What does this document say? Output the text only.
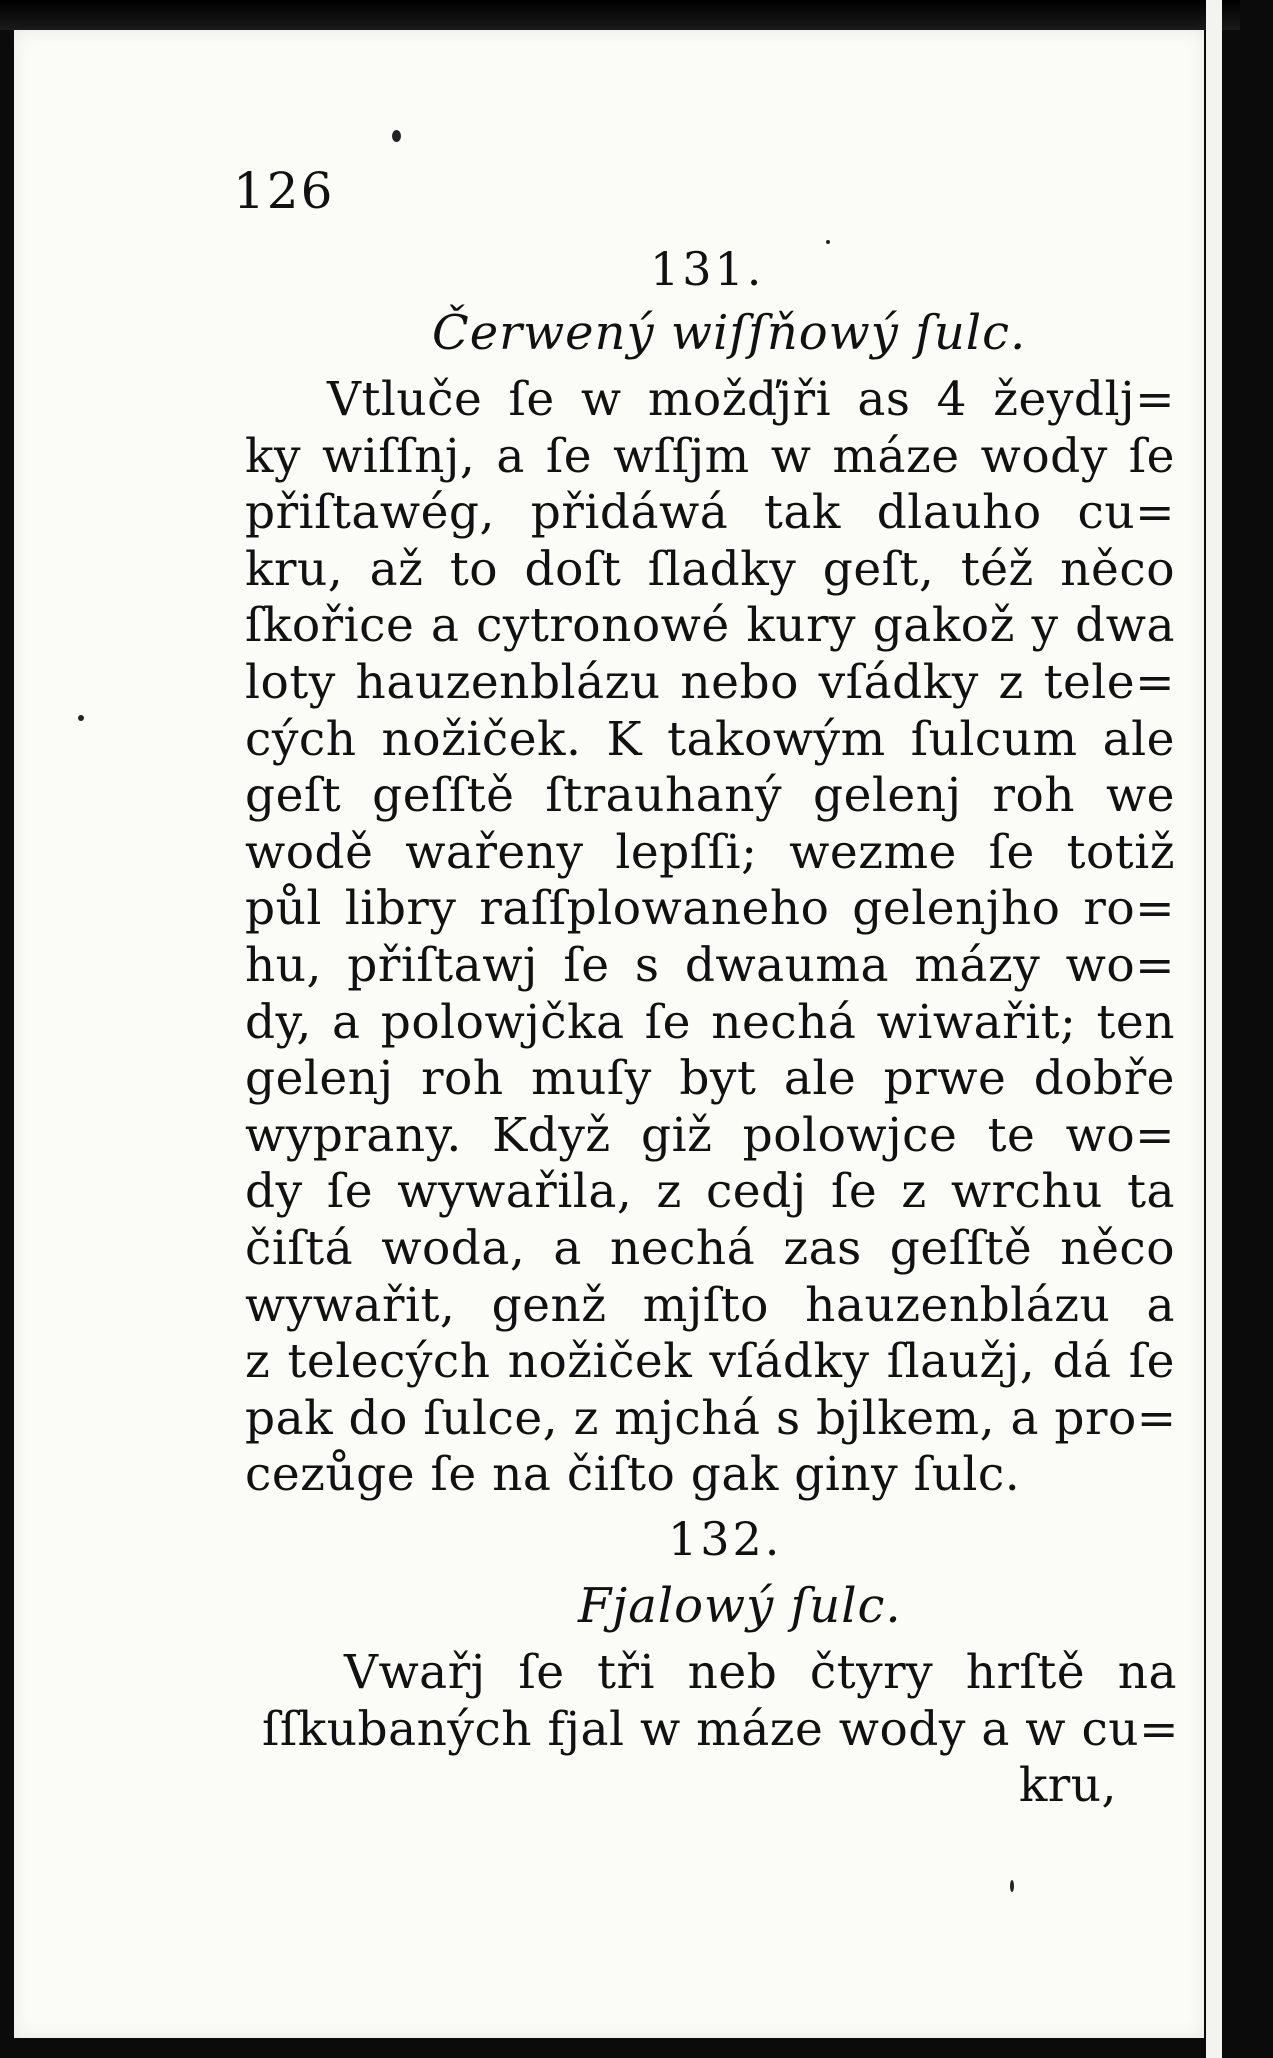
126
131.
Čerwený wiſſňowý ſulc.
Vtluče ſe w možďjři as 4 žeydlj=
ky wiſſnj, a ſe wſſjm w máze wody ſe
přiſtawég, přidáwá tak dlauho cu=
kru, až to doſt ſladky geſt, též něco
ſkořice a cytronowé kury gakož y dwa
loty hauzenblázu nebo vſádky z tele=
cých nožiček. K takowým ſulcum ale
geſt geſſtě ſtrauhaný gelenj roh we
wodě wařeny lepſſi; wezme ſe totiž
půl libry raſſplowaneho gelenjho ro=
hu, přiſtawj ſe s dwauma mázy wo=
dy, a polowjčka ſe nechá wiwařit; ten
gelenj roh muſy byt ale prwe dobře
wyprany. Když giž polowjce te wo=
dy ſe wywařila, z cedj ſe z wrchu ta
čiſtá woda, a nechá zas geſſtě něco
wywařit, genž mjſto hauzenblázu a
z telecých nožiček vſádky ſlaužj, dá ſe
pak do ſulce, z mjchá s bjlkem, a pro=
cezůge ſe na čiſto gak giny ſulc.
132.
Fjalowý ſulc.
Vwařj ſe tři neb čtyry hrſtě na
ſſkubaných fjal w máze wody a w cu=
kru,
